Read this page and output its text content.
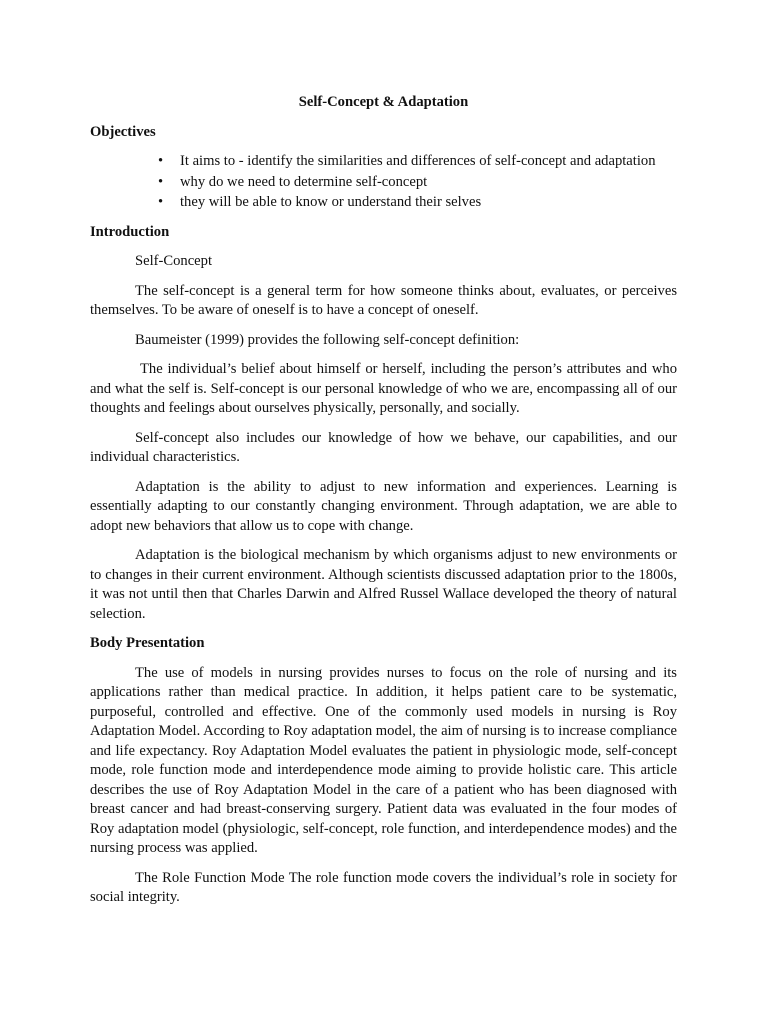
Self-Concept & Adaptation
Objectives
• It aims to - identify the similarities and differences of self-concept and adaptation
• why do we need to determine self-concept
• they will be able to know or understand their selves
Introduction

Self-Concept

The self-concept is a general term for how someone thinks about, evaluates, or perceives themselves. To be aware of oneself is to have a concept of oneself.

Baumeister (1999) provides the following self-concept definition:

The individual’s belief about himself or herself, including the person’s attributes and who and what the self is. Self-concept is our personal knowledge of who we are, encompassing all of our thoughts and feelings about ourselves physically, personally, and socially.

Self-concept also includes our knowledge of how we behave, our capabilities, and our individual characteristics.

Adaptation is the ability to adjust to new information and experiences. Learning is essentially adapting to our constantly changing environment. Through adaptation, we are able to adopt new behaviors that allow us to cope with change.

Adaptation is the biological mechanism by which organisms adjust to new environments or to changes in their current environment. Although scientists discussed adaptation prior to the 1800s, it was not until then that Charles Darwin and Alfred Russel Wallace developed the theory of natural selection.

Body Presentation

The use of models in nursing provides nurses to focus on the role of nursing and its applications rather than medical practice. In addition, it helps patient care to be systematic, purposeful, controlled and effective. One of the commonly used models in nursing is Roy Adaptation Model. According to Roy adaptation model, the aim of nursing is to increase compliance and life expectancy. Roy Adaptation Model evaluates the patient in physiologic mode, self-concept mode, role function mode and interdependence mode aiming to provide holistic care. This article describes the use of Roy Adaptation Model in the care of a patient who has been diagnosed with breast cancer and had breast-conserving surgery. Patient data was evaluated in the four modes of Roy adaptation model (physiologic, self-concept, role function, and interdependence modes) and the nursing process was applied.

The Role Function Mode The role function mode covers the individual’s role in society for social integrity.
